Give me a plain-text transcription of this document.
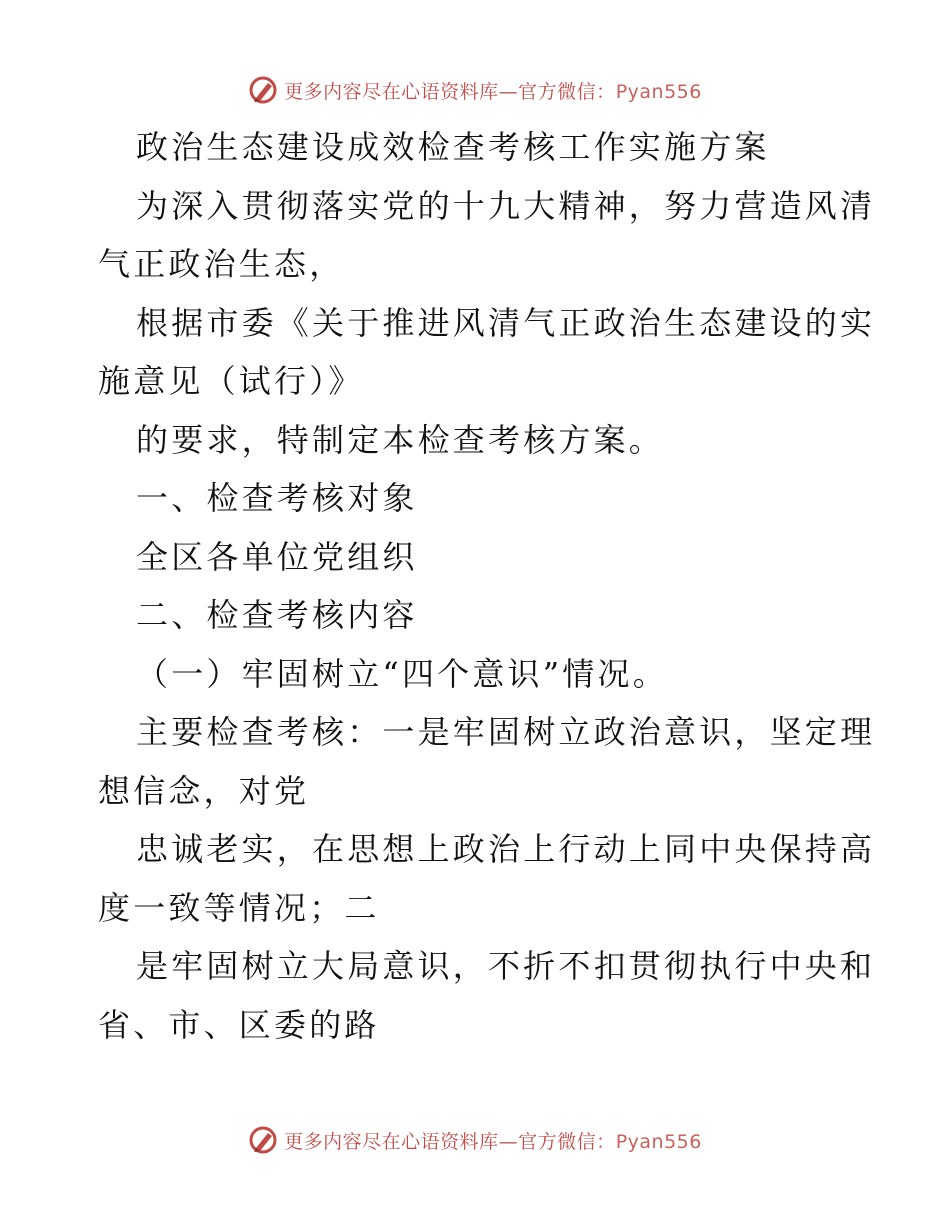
更多内容尽在心语资料库—官方微信：Pyan556
政治生态建设成效检查考核工作实施方案
为深入贯彻落实党的十九大精神，努力营造风清
气正政治生态，
根据市委《关于推进风清气正政治生态建设的实
施意见（试行）》
的要求，特制定本检查考核方案。
一、检查考核对象
全区各单位党组织
二、检查考核内容
（一）牢固树立“四个意识”情况。
主要检查考核：一是牢固树立政治意识，坚定理
想信念，对党
忠诚老实，在思想上政治上行动上同中央保持高
度一致等情况；二
是牢固树立大局意识，不折不扣贯彻执行中央和
省、市、区委的路
更多内容尽在心语资料库—官方微信：Pyan556
